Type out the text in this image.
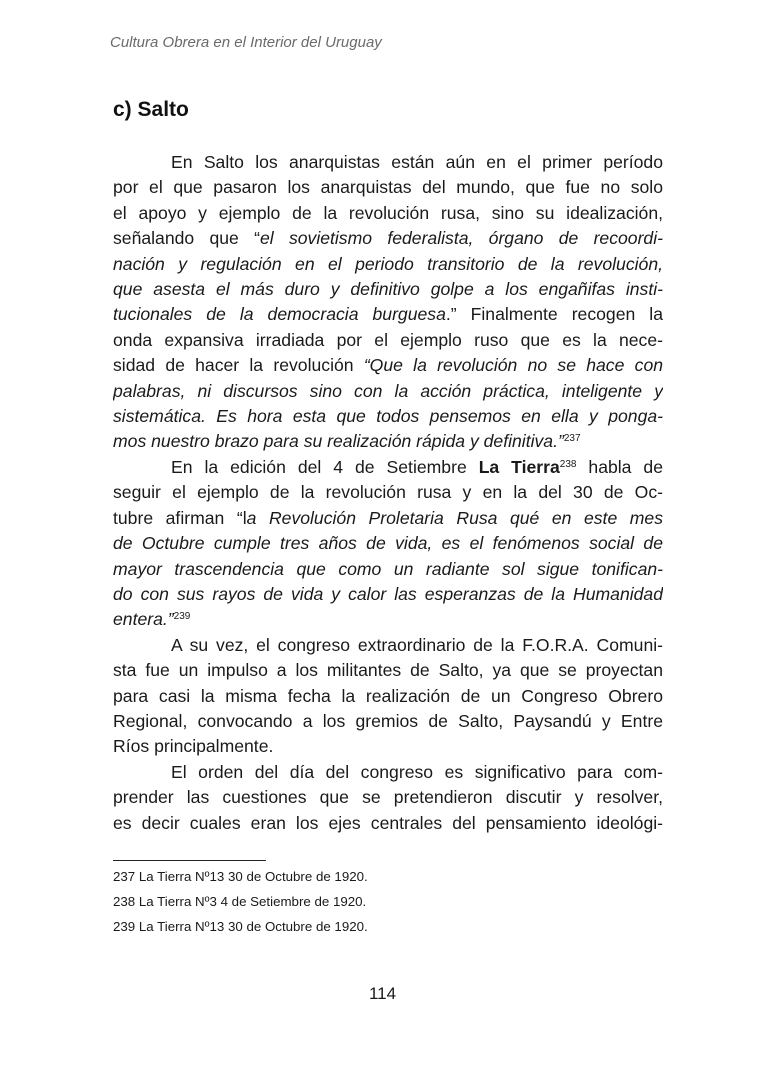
Cultura Obrera en el Interior del Uruguay
c) Salto
En Salto los anarquistas están aún en el primer período
por el que pasaron los anarquistas del mundo, que fue no solo
el apoyo y ejemplo de la revolución rusa, sino su idealización,
señalando que “el sovietismo federalista, órgano de recoordi-
nación y regulación en el periodo transitorio de la revolución,
que asesta el más duro y definitivo golpe a los engañifas insti-
tucionales de la democracia burguesa.” Finalmente recogen la
onda expansiva irradiada por el ejemplo ruso que es la nece-
sidad de hacer la revolución “Que la revolución no se hace con
palabras, ni discursos sino con la acción práctica, inteligente y
sistemática. Es hora esta que todos pensemos en ella y ponga-
mos nuestro brazo para su realización rápida y definitiva.”$^{237}$
En la edición del 4 de Setiembre La Tierra$^{238}$ habla de
seguir el ejemplo de la revolución rusa y en la del 30 de Oc-
tubre afirman “la Revolución Proletaria Rusa qué en este mes
de Octubre cumple tres años de vida, es el fenómenos social de
mayor trascendencia que como un radiante sol sigue tonifican-
do con sus rayos de vida y calor las esperanzas de la Humanidad
entera.”$^{239}$
A su vez, el congreso extraordinario de la F.O.R.A. Comuni-
sta fue un impulso a los militantes de Salto, ya que se proyectan
para casi la misma fecha la realización de un Congreso Obrero
Regional, convocando a los gremios de Salto, Paysandú y Entre
Ríos principalmente.
El orden del día del congreso es significativo para com-
prender las cuestiones que se pretendieron discutir y resolver,
es decir cuales eran los ejes centrales del pensamiento ideológi-
237 La Tierra Nº13 30 de Octubre de 1920.
238 La Tierra Nº3 4 de Setiembre de 1920.
239 La Tierra Nº13 30 de Octubre de 1920.
114
